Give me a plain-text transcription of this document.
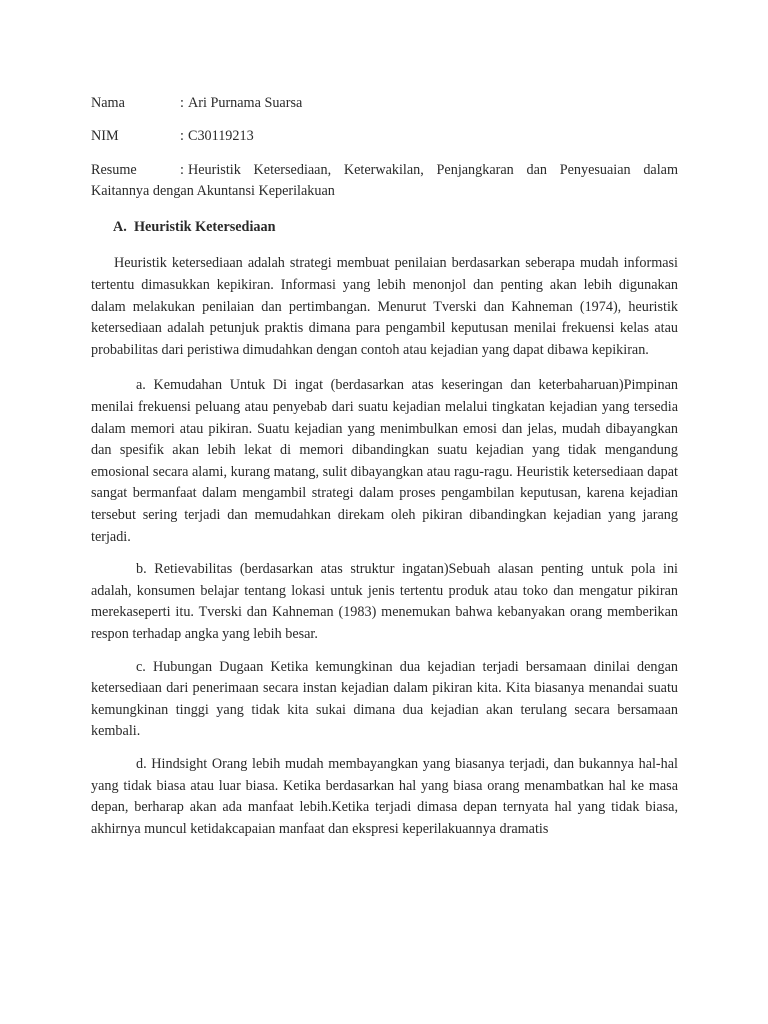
Nama	: Ari Purnama Suarsa
NIM	: C30119213
Resume	: Heuristik Ketersediaan, Keterwakilan, Penjangkaran dan Penyesuaian dalam
Kaitannya dengan Akuntansi Keperilakuan
A. Heuristik Ketersediaan

Heuristik ketersediaan adalah strategi membuat penilaian berdasarkan seberapa mudah informasi tertentu dimasukkan kepikiran. Informasi yang lebih menonjol dan penting akan lebih digunakan dalam melakukan penilaian dan pertimbangan. Menurut Tverski dan Kahneman (1974), heuristik ketersediaan adalah petunjuk praktis dimana para pengambil keputusan menilai frekuensi kelas atau probabilitas dari peristiwa dimudahkan dengan contoh atau kejadian yang dapat dibawa kepikiran.

a. Kemudahan Untuk Di ingat (berdasarkan atas keseringan dan keterbaharuan)Pimpinan menilai frekuensi peluang atau penyebab dari suatu kejadian melalui tingkatan kejadian yang tersedia dalam memori atau pikiran. Suatu kejadian yang menimbulkan emosi dan jelas, mudah dibayangkan dan spesifik akan lebih lekat di memori dibandingkan suatu kejadian yang tidak mengandung emosional secara alami, kurang matang, sulit dibayangkan atau ragu-ragu. Heuristik ketersediaan dapat sangat bermanfaat dalam mengambil strategi dalam proses pengambilan keputusan, karena kejadian tersebut sering terjadi dan memudahkan direkam oleh pikiran dibandingkan kejadian yang jarang terjadi.

b. Retievabilitas (berdasarkan atas struktur ingatan)Sebuah alasan penting untuk pola ini adalah, konsumen belajar tentang lokasi untuk jenis tertentu produk atau toko dan mengatur pikiran merekaseperti itu. Tverski dan Kahneman (1983) menemukan bahwa kebanyakan orang memberikan respon terhadap angka yang lebih besar.

c. Hubungan Dugaan Ketika kemungkinan dua kejadian terjadi bersamaan dinilai dengan ketersediaan dari penerimaan secara instan kejadian dalam pikiran kita. Kita biasanya menandai suatu kemungkinan tinggi yang tidak kita sukai dimana dua kejadian akan terulang secara bersamaan kembali.

d. Hindsight Orang lebih mudah membayangkan yang biasanya terjadi, dan bukannya hal-hal yang tidak biasa atau luar biasa. Ketika berdasarkan hal yang biasa orang menambatkan hal ke masa depan, berharap akan ada manfaat lebih.Ketika terjadi dimasa depan ternyata hal yang tidak biasa, akhirnya muncul ketidakcapaian manfaat dan ekspresi keperilakuannya dramatis
